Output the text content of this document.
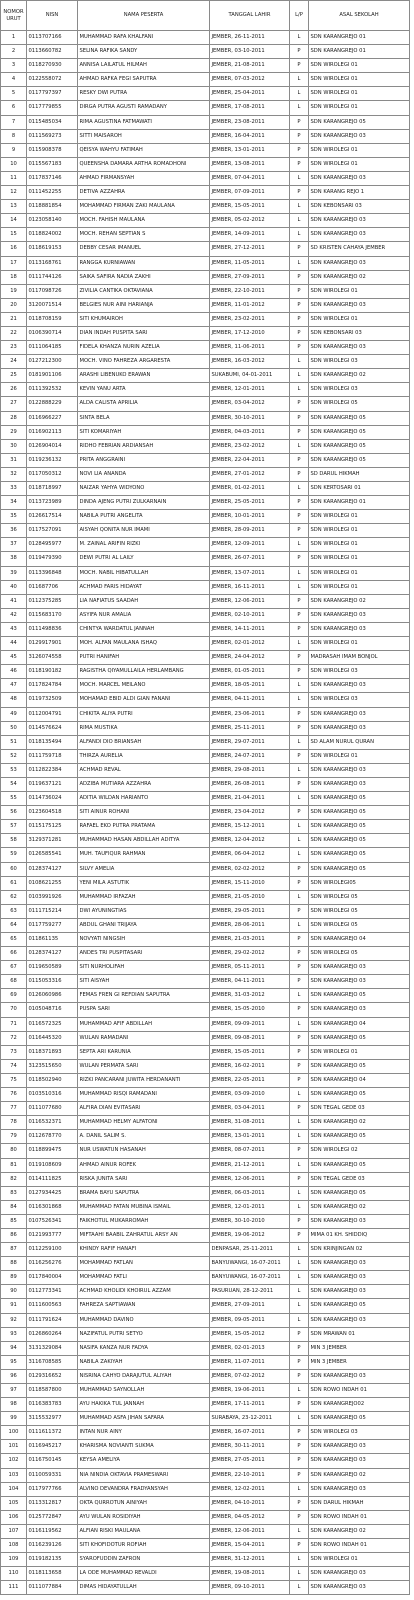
NOMOR URUT	NISN	NAMA PESERTA	TANGGAL LAHIR	L/P	ASAL SEKOLAH
1	0113707166	MUHAMMAD RAFA KHALFANI	JEMBER, 26-11-2011	L	SDN KARANGREJO 01
2	0113660782	SELINA RAFIKA SANDY	JEMBER, 03-10-2011	P	SDN KARANGREJO 01
3	0118270930	ANNISA LAILATUL HILMAH	JEMBER, 21-08-2011	P	SDN WIROLEGI 01
4	0122558072	AHMAD RAFKA FEGI SAPUTRA	JEMBER, 07-03-2012	L	SDN WIROLEGI 01
5	0117797397	RESKY DWI PUTRA	JEMBER, 25-04-2011	L	SDN WIROLEGI 01
6	0117779855	DIRGA PUTRA AGUSTI RAMADANY	JEMBER, 17-08-2011	L	SDN WIROLEGI 01
7	0115485034	RIMA AGUSTINA FATMAWATI	JEMBER, 23-08-2011	P	SDN KARANGREJO 05
8	0111569273	SITTI MAISAROH	JEMBER, 16-04-2011	P	SDN KARANGREJO 03
9	0115908378	QEISYA WAHYU FATIMAH	JEMBER, 13-01-2011	P	SDN WIROLEGI 01
10	0115567183	QUEENSHA DAMARA ARTHA ROMADHONI	JEMBER, 13-08-2011	P	SDN WIROLEGI 01
11	0117837146	AHMAD FIRMANSYAH	JEMBER, 07-04-2011	L	SDN KARANGREJO 03
12	0111452255	DETIVA AZZAHRA	JEMBER, 07-09-2011	P	SDN KARANG REJO 1
13	0118881854	MOHAMMAD FIRMAN ZAKI MAULANA	JEMBER, 15-05-2011	L	SDN KEBONSARI 03
14	0123058140	MOCH. FAHISH MAULANA	JEMBER, 05-02-2012	L	SDN KARANGREJO 03
15	0118824002	MOCH. REHAN SEPTIAN S	JEMBER, 14-09-2011	L	SDN KARANGREJO 03
16	0118619153	DEBBY CESAR IMANUEL	JEMBER, 27-12-2011	P	SD KRISTEN CAHAYA JEMBER
17	0113168761	RANGGA KURNIAWAN	JEMBER, 11-05-2011	L	SDN KARANGREJO 03
18	0111744126	SAIKA SAFIRA NADIA ZAKHI	JEMBER, 27-09-2011	P	SDN KARANGREJO 02
19	0117098726	ZIVILIA CANTIKA OKTAVIANA	JEMBER, 22-10-2011	P	SDN WIROLEGI 01
20	3120071514	BELGIES NUR AINI HARIANJA	JEMBER, 11-01-2012	P	SDN KARANGREJO 03
21	0118708159	SITI KHUMAIROH	JEMBER, 23-02-2011	P	SDN WIROLEGI 01
22	0106390714	DIAN INDAH PUSPITA SARI	JEMBER, 17-12-2010	P	SDN KEBONSARI 03
23	0111064185	FIDELA KHANZA NURIN AZELIA	JEMBER, 11-06-2011	P	SDN KARANGREJO 03
24	0127212300	MOCH. VINO FAHREZA ARGARESTA	JEMBER, 16-03-2012	L	SDN WIROLEGI 03
25	0181901106	ARASHI LIBENUKO ERAWAN	SUKABUMI, 04-01-2011	L	SDN KARANGREJO 02
26	0111392532	KEVIN YANU ARTA	JEMBER, 12-01-2011	L	SDN WIROLEGI 03
27	0122888229	ALDA CALISTA APRILIA	JEMBER, 03-04-2012	P	SDN WIROLEGI 05
28	0116966227	SINTA BELA	JEMBER, 30-10-2011	P	SDN KARANGREJO 05
29	0116902113	SITI KOMARIYAH	JEMBER, 04-03-2011	P	SDN KARANGREJO 05
30	0126904014	RIDHO FEBRIAN ARDIANSAH	JEMBER, 23-02-2012	L	SDN KARANGREJO 05
31	0119236132	PRITA ANGGRAINI	JEMBER, 22-04-2011	P	SDN KARANGREJO 05
32	0117050312	NOVI LIA ANANDA	JEMBER, 27-01-2012	P	SD DARUL HIKMAH
33	0118718997	NAIZAR YAHYA WIDYONO	JEMBER, 01-02-2011	L	SDN KERTOSARI 01
34	0113723989	DINDA AJENG PUTRI ZULKARNAIN	JEMBER, 25-05-2011	P	SDN KARANGREJO 01
35	0126617514	NABILA PUTRI ANGELITA	JEMBER, 10-01-2011	P	SDN WIROLEGI 01
36	0117527091	AISYAH QONITA NUR IMAMI	JEMBER, 28-09-2011	P	SDN WIROLEGI 01
37	0128495977	M. ZAINAL ARIFIN RIZKI	JEMBER, 12-09-2011	L	SDN WIROLEGI 01
38	0119479390	DEWI PUTRI AL LAILY	JEMBER, 26-07-2011	P	SDN WIROLEGI 01
39	0113396848	MOCH. NABIL HIBATULLAH	JEMBER, 13-07-2011	L	SDN WIROLEGI 01
40	011687706	ACHMAD FARIS HIDAYAT	JEMBER, 16-11-2011	L	SDN WIROLEGI 01
41	0112375285	LIA NAFIATUS SAADAH	JEMBER, 12-06-2011	P	SDN KARANGREJO 02
42	0115683170	ASYIFA NUR AMALIA	JEMBER, 02-10-2011	P	SDN KARANGREJO 03
43	0111498836	CHINTYA WARDATUL JANNAH	JEMBER, 14-11-2011	P	SDN KARANGREJO 03
44	0129917901	MOH. ALFAN MAULANA ISHAQ	JEMBER, 02-01-2012	L	SDN WIROLEGI 01
45	3126074558	PUTRI HANIFAH	JEMBER, 24-04-2012	P	MADRASAH IMAM BONJOL
46	0118190182	RAGISTHA QIYAMULLAILA HERLAMBANG	JEMBER, 01-05-2011	P	SDN WIROLEGI 03
47	0117824784	MOCH. MARCEL MEILANO	JEMBER, 18-05-2011	L	SDN KARANGREJO 03
48	0119732509	MOHAMAD EBID ALDI GIAN FANANI	JEMBER, 04-11-2011	L	SDN WIROLEGI 03
49	0112004791	CHIKITA ALIYA PUTRI	JEMBER, 23-06-2011	P	SDN KARANGREJO 03
50	0114576624	RIMA MUSTIKA	JEMBER, 25-11-2011	P	SDN KARANGREJO 03
51	0118135494	ALFANDI DIO BRIANSAH	JEMBER, 29-07-2011	L	SD ALAM NURUL QURAN
52	0111759718	THIRZA AURELIA	JEMBER, 24-07-2011	P	SDN WIROLEGI 01
53	0112822384	ACHMAD REVAL	JEMBER, 29-08-2011	L	SDN KARANGREJO 03
54	0119637121	ADZIBA MUTIARA AZZAHRA	JEMBER, 26-08-2011	P	SDN KARANGREJO 03
55	0114736024	ADITIA WILDAN HARIANTO	JEMBER, 21-04-2011	L	SDN KARANGREJO 05
56	0123604518	SITI AINUR ROHANI	JEMBER, 23-04-2012	P	SDN KARANGREJO 05
57	0115175125	RAFAEL EKO PUTRA PRATAMA	JEMBER, 15-12-2011	L	SDN KARANGREJO 05
58	3129371281	MUHAMMAD HASAN ABDILLAH ADITYA	JEMBER, 12-04-2012	L	SDN KARANGREJO 05
59	0126585541	MUH. TAUFIQUR RAHMAN	JEMBER, 06-04-2012	L	SDN KARANGREJO 05
60	0128374127	SILVY AMELIA	JEMBER, 02-02-2012	P	SDN KARANGREJO 05
61	0108621255	YENI MILA ASTUTIK	JEMBER, 15-11-2010	P	SDN WIROLEGI05
62	0103991926	MUHAMMAD IRFAZAH	JEMBER, 21-05-2010	L	SDN WIROLEGI 05
63	0111715214	DWI AYUNINGTIAS	JEMBER, 29-05-2011	P	SDN WIROLEGI 05
64	0117759277	ABDUL GHANI TRIJAYA	JEMBER, 28-06-2011	L	SDN WIROLEGI 05
65	011861135	NOVYATI NINGSIH	JEMBER, 21-03-2011	P	SDN KARANGREJO 04
66	0128374127	ANDES TRI PUSPITASARI	JEMBER, 29-02-2012	P	SDN WIROLEGI 05
67	0119650589	SITI NURHOLIFAH	JEMBER, 05-11-2011	P	SDN KARANGREJO 03
68	0115053316	SITI AISYAH	JEMBER, 04-11-2011	P	SDN KARANGREJO 03
69	0126060986	FEMAS FREN GI REFDIAN SAPUTRA	JEMBER, 31-03-2012	L	SDN KARANGREJO 05
70	0105048716	PUSPA SARI	JEMBER, 15-05-2010	P	SDN KARANGREJO 03
71	0116572325	MUHAMMAD AFIF ABDILLAH	JEMBER, 09-09-2011	L	SDN KARANGREJO 04
72	0116445320	WULAN RAMADANI	JEMBER, 09-08-2011	P	SDN KARANGREJO 05
73	0118371893	SEPTA ARI KARUNIA	JEMBER, 15-05-2011	P	SDN WIROLEGI 01
74	3123515650	WULAN PERMATA SARI	JEMBER, 16-02-2011	P	SDN KARANGREJO 05
75	0118502940	RIZKI PANCARANI JUWITA HERDANANTI	JEMBER, 22-05-2011	P	SDN KARANGREJO 04
76	0103510316	MUHAMMAD RISQI RAMADANI	JEMBER, 03-09-2010	L	SDN KARANGREJO 05
77	0111077680	ALFIRA DIAN EVITASARI	JEMBER, 03-04-2011	P	SDN TEGAL GEDE 03
78	0116532371	MUHAMMAD HELMY ALFATONI	JEMBER, 31-08-2011	L	SDN KARANGREJO 02
79	0112678770	A. DANIL SALIM S.	JEMBER, 13-01-2011	L	SDN KARANGREJO 05
80	0118899475	NUR USWATUN HASANAH	JEMBER, 08-07-2011	P	SDN WIROLEGI 02
81	0119108609	AHMAD AINUR ROFEK	JEMBER, 21-12-2011	L	SDN KARANGREJO 05
82	0114111825	RISKA JUNITA SARI	JEMBER, 12-06-2011	P	SDN TEGAL GEDE 03
83	0127934425	BRAMA BAYU SAPUTRA	JEMBER, 06-03-2011	L	SDN KARANGREJO 05
84	0116301868	MUHAMMAD FATAN MUBINA ISMAIL	JEMBER, 12-01-2011	L	SDN KARANGREJO 02
85	0107526341	FAIKHOTUL MUKARROMAH	JEMBER, 30-10-2010	P	SDN KARANGREJO 03
86	0121993777	MIFTAAHI BAABIL ZAHRATUL ARSY AN	JEMBER, 19-06-2012	P	MIMA 01 KH. SHIDDIQ
87	0112259100	KHINDY RAFIF HANAFI	DENPASAR, 25-11-2011	L	SDN KRINJINGAN 02
88	0116256276	MOHAMMAD FATLAN	BANYUWANGI, 16-07-2011	L	SDN KARANGREJO 03
89	0117840004	MOHAMMAD FATLI	BANYUWANGI, 16-07-2011	L	SDN KARANGREJO 03
90	0112773341	ACHMAD KHOLIDI KHOIRUL AZZAM	PASURUAN, 28-12-2011	L	SDN KARANGREJO 03
91	0111600563	FAHREZA SAPTIAWAN	JEMBER, 27-09-2011	L	SDN KARANGREJO 05
92	0111791624	MUHAMMAD DAVINO	JEMBER, 09-05-2011	L	SDN KARANGREJO 03
93	0126860264	NAZIFATUL PUTRI SETYO	JEMBER, 15-05-2012	P	SDN MRAWAN 01
94	3131329084	NASIFA KANZA NUR FADYA	JEMBER, 02-01-2013	P	MIN 3 JEMBER
95	3116708585	NABILA ZAKIYAH	JEMBER, 11-07-2011	P	MIN 3 JEMBER
96	0129316652	NISRINA CAHYO DARAJUTUL ALIYAH	JEMBER, 07-02-2012	P	SDN KARANGREJO 03
97	0118587800	MUHAMMAD SAYNOLLAH	JEMBER, 19-06-2011	L	SDN ROWO INDAH 01
98	0116383783	AYU HAKIKA TUL JANNAH	JEMBER, 17-11-2011	P	SDN KARANGREJO02
99	3115532977	MUHAMMAD ASFA JIHAN SAFARA	SURABAYA, 23-12-2011	L	SDN KARANGREJO 05
100	0111611372	INTAN NUR AINY	JEMBER, 16-07-2011	P	SDN WIROLEGI 03
101	0116945217	KHARISMA NOVIANTI SUKMA	JEMBER, 30-11-2011	P	SDN KARANGREJO 03
102	0116750145	KEYSA AMELIYA	JEMBER, 27-05-2011	P	SDN KARANGREJO 03
103	0110059331	NIA NINDIA OKTAVIA PRAMESWARI	JEMBER, 22-10-2011	P	SDN KARANGREJO 02
104	0117977766	ALVINO DEVANDRA FRADYANSYAH	JEMBER, 12-02-2011	L	SDN KARANGREJO 03
105	0113312817	OKTA QURROTUN AINIYAH	JEMBER, 04-10-2011	P	SDN DARUL HIKMAH
106	0125772847	AYU WULAN ROSIDIYAH	JEMBER, 04-05-2012	P	SDN ROWO INDAH 01
107	0116119562	ALFIAN RISKI MAULANA	JEMBER, 12-06-2011	L	SDN KARANGREJO 02
108	0116239126	SITI KHOFIDOTUR ROFIAH	JEMBER, 15-04-2011	P	SDN ROWO INDAH 01
109	0119182135	SYAROFUDDIN ZAFRON	JEMBER, 31-12-2011	L	SDN WIROLEGI 01
110	0118113658	LA ODE MUHAMMAD REVALDI	JEMBER, 19-08-2011	L	SDN KARANGREJO 03
111	0111077884	DIMAS HIDAYATULLAH	JEMBER, 09-10-2011	L	SDN KARANGREJO 03
